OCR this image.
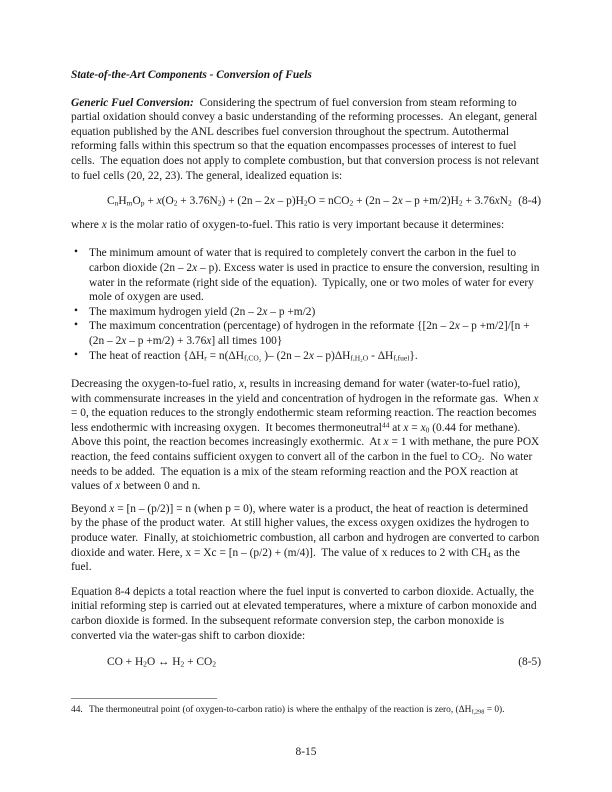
State-of-the-Art Components - Conversion of Fuels
Generic Fuel Conversion:  Considering the spectrum of fuel conversion from steam reforming to partial oxidation should convey a basic understanding of the reforming processes.  An elegant, general equation published by the ANL describes fuel conversion throughout the spectrum. Autothermal reforming falls within this spectrum so that the equation encompasses processes of interest to fuel cells.  The equation does not apply to complete combustion, but that conversion process is not relevant to fuel cells (20, 22, 23). The general, idealized equation is:
$C_nH_mO_p + x(O_2 + 3.76N_2) + (2n - 2x - p)H_2O = nCO_2 + (2n - 2x - p +m/2)H_2 + 3.76xN_2$ (8-4)
where x is the molar ratio of oxygen-to-fuel. This ratio is very important because it determines:
• The minimum amount of water that is required to completely convert the carbon in the fuel to carbon dioxide (2n – 2x – p). Excess water is used in practice to ensure the conversion, resulting in water in the reformate (right side of the equation).  Typically, one or two moles of water for every mole of oxygen are used.
• The maximum hydrogen yield (2n – 2x – p +m/2)
• The maximum concentration (percentage) of hydrogen in the reformate {[2n – 2x – p +m/2]/[n + (2n – 2x – p +m/2) + 3.76x] all times 100}
• The heat of reaction {$\Delta H_r = n(\Delta H_{f,CO_2}$ )– $(2n - 2x - p)\Delta H_{f,H_2O} - \Delta H_{f,fuel}$}.
Decreasing the oxygen-to-fuel ratio, x, results in increasing demand for water (water-to-fuel ratio), with commensurate increases in the yield and concentration of hydrogen in the reformate gas.  When x = 0, the equation reduces to the strongly endothermic steam reforming reaction. The reaction becomes less endothermic with increasing oxygen.  It becomes thermoneutral$^{44}$ at $x = x_0$ (0.44 for methane).  Above this point, the reaction becomes increasingly exothermic.  At x = 1 with methane, the pure POX reaction, the feed contains sufficient oxygen to convert all of the carbon in the fuel to $CO_2$.  No water needs to be added.  The equation is a mix of the steam reforming reaction and the POX reaction at values of x between 0 and n.
Beyond x = [n – (p/2)] = n (when p = 0), where water is a product, the heat of reaction is determined by the phase of the product water.  At still higher values, the excess oxygen oxidizes the hydrogen to produce water.  Finally, at stoichiometric combustion, all carbon and hydrogen are converted to carbon dioxide and water. Here, x = Xc = [n – (p/2) + (m/4)].  The value of x reduces to 2 with $CH_4$ as the fuel.
Equation 8-4 depicts a total reaction where the fuel input is converted to carbon dioxide. Actually, the initial reforming step is carried out at elevated temperatures, where a mixture of carbon monoxide and carbon dioxide is formed. In the subsequent reformate conversion step, the carbon monoxide is converted via the water-gas shift to carbon dioxide:
CO + $H_2O$ ↔ $H_2 + CO_2$	(8-5)
44. The thermoneutral point (of oxygen-to-carbon ratio) is where the enthalpy of the reaction is zero, $(\Delta H_{f,298} = 0)$.
8-15
